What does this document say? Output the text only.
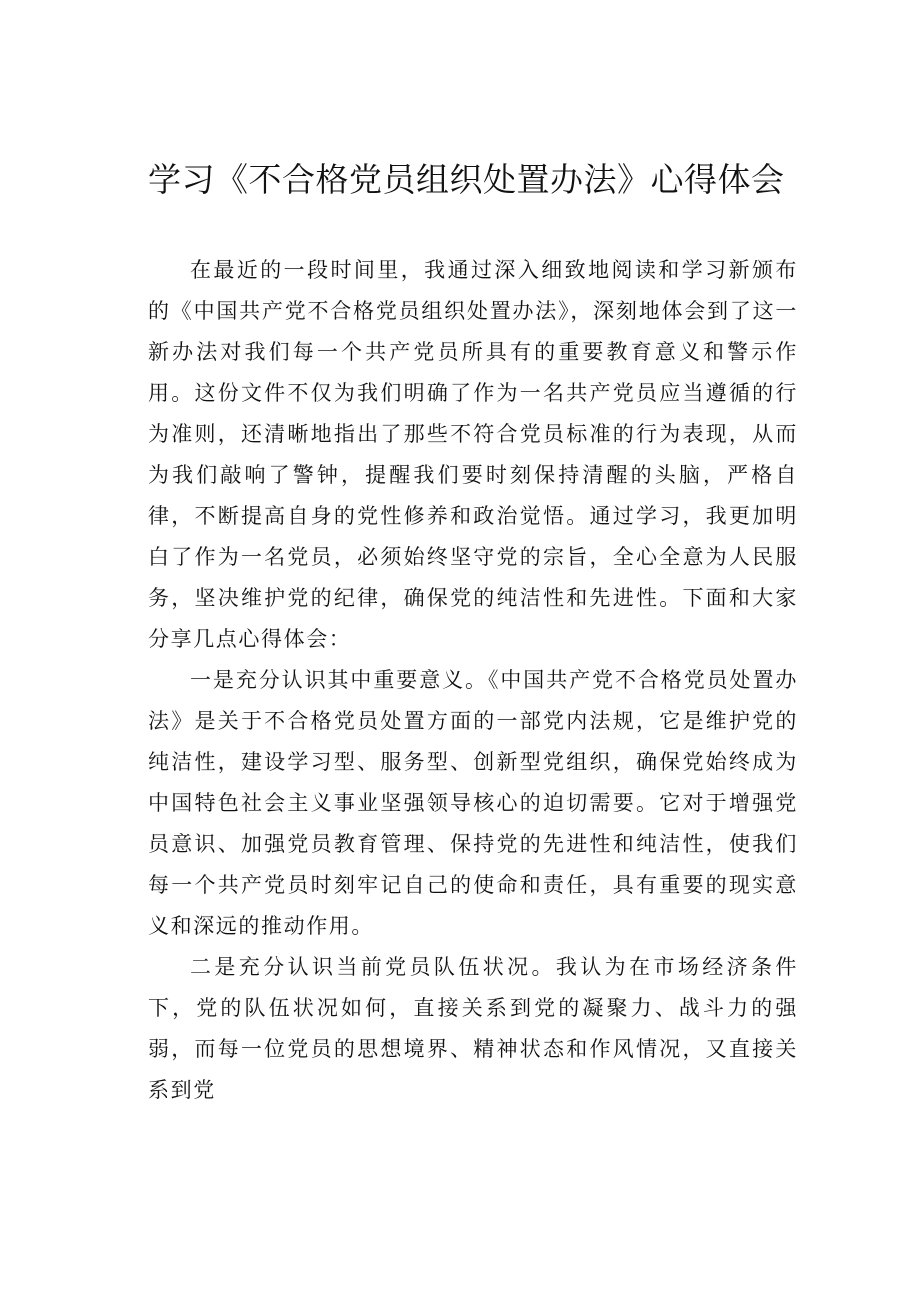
学习《不合格党员组织处置办法》心得体会

在最近的一段时间里，我通过深入细致地阅读和学习新颁布的《中国共产党不合格党员组织处置办法》，深刻地体会到了这一新办法对我们每一个共产党员所具有的重要教育意义和警示作用。这份文件不仅为我们明确了作为一名共产党员应当遵循的行为准则，还清晰地指出了那些不符合党员标准的行为表现，从而为我们敲响了警钟，提醒我们要时刻保持清醒的头脑，严格自律，不断提高自身的党性修养和政治觉悟。通过学习，我更加明白了作为一名党员，必须始终坚守党的宗旨，全心全意为人民服务，坚决维护党的纪律，确保党的纯洁性和先进性。下面和大家分享几点心得体会：

一是充分认识其中重要意义。《中国共产党不合格党员处置办法》是关于不合格党员处置方面的一部党内法规，它是维护党的纯洁性，建设学习型、服务型、创新型党组织，确保党始终成为中国特色社会主义事业坚强领导核心的迫切需要。它对于增强党员意识、加强党员教育管理、保持党的先进性和纯洁性，使我们每一个共产党员时刻牢记自己的使命和责任，具有重要的现实意义和深远的推动作用。

二是充分认识当前党员队伍状况。我认为在市场经济条件下，党的队伍状况如何，直接关系到党的凝聚力、战斗力的强弱，而每一位党员的思想境界、精神状态和作风情况，又直接关系到党
